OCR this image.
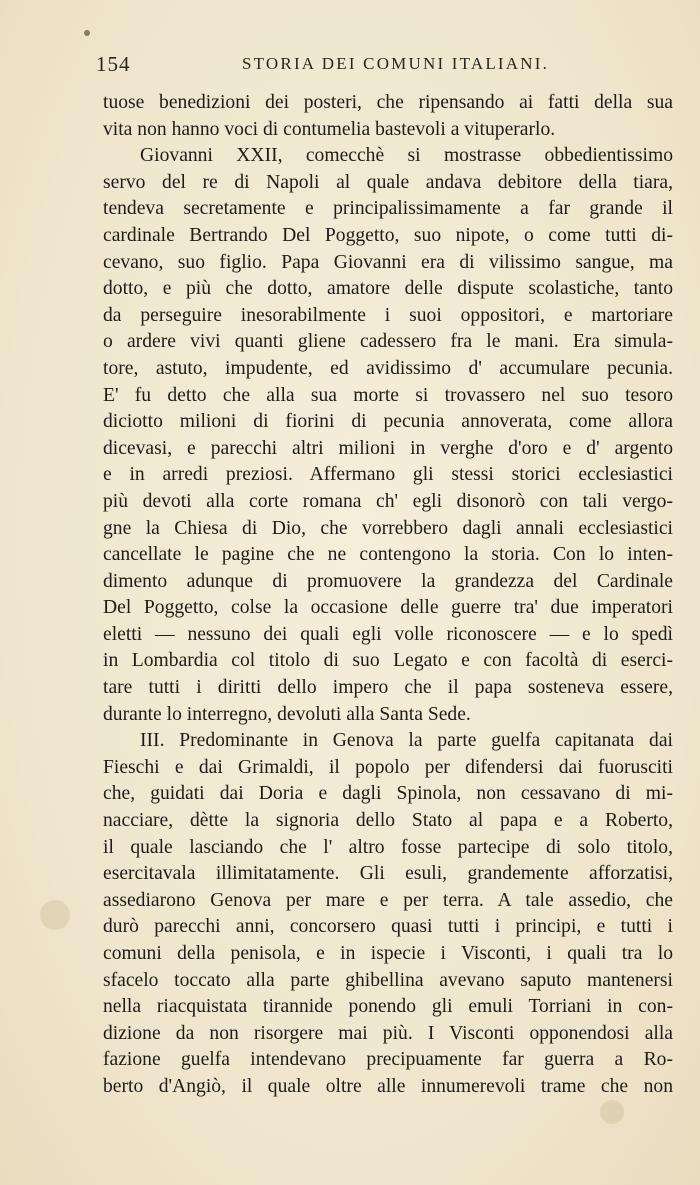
154	STORIA DEI COMUNI ITALIANI.
tuose benedizioni dei posteri, che ripensando ai fatti della sua
vita non hanno voci di contumelia bastevoli a vituperarlo.
Giovanni XXII, comecchè si mostrasse obbedientissimo
servo del re di Napoli al quale andava debitore della tiara,
tendeva secretamente e principalissimamente a far grande il
cardinale Bertrando Del Poggetto, suo nipote, o come tutti di-
cevano, suo figlio. Papa Giovanni era di vilissimo sangue, ma
dotto, e più che dotto, amatore delle dispute scolastiche, tanto
da perseguire inesorabilmente i suoi oppositori, e martoriare
o ardere vivi quanti gliene cadessero fra le mani. Era simula-
tore, astuto, impudente, ed avidissimo d' accumulare pecunia.
E' fu detto che alla sua morte si trovassero nel suo tesoro
diciotto milioni di fiorini di pecunia annoverata, come allora
dicevasi, e parecchi altri milioni in verghe d'oro e d' argento
e in arredi preziosi. Affermano gli stessi storici ecclesiastici
più devoti alla corte romana ch' egli disonorò con tali vergo-
gne la Chiesa di Dio, che vorrebbero dagli annali ecclesiastici
cancellate le pagine che ne contengono la storia. Con lo inten-
dimento adunque di promuovere la grandezza del Cardinale
Del Poggetto, colse la occasione delle guerre tra' due imperatori
eletti — nessuno dei quali egli volle riconoscere — e lo spedì
in Lombardia col titolo di suo Legato e con facoltà di eserci-
tare tutti i diritti dello impero che il papa sosteneva essere,
durante lo interregno, devoluti alla Santa Sede.
III. Predominante in Genova la parte guelfa capitanata dai
Fieschi e dai Grimaldi, il popolo per difendersi dai fuorusciti
che, guidati dai Doria e dagli Spinola, non cessavano di mi-
nacciare, dètte la signoria dello Stato al papa e a Roberto,
il quale lasciando che l' altro fosse partecipe di solo titolo,
esercitavala illimitatamente. Gli esuli, grandemente afforzatisi,
assediarono Genova per mare e per terra. A tale assedio, che
durò parecchi anni, concorsero quasi tutti i principi, e tutti i
comuni della penisola, e in ispecie i Visconti, i quali tra lo
sfacelo toccato alla parte ghibellina avevano saputo mantenersi
nella riacquistata tirannide ponendo gli emuli Torriani in con-
dizione da non risorgere mai più. I Visconti opponendosi alla
fazione guelfa intendevano precipuamente far guerra a Ro-
berto d'Angiò, il quale oltre alle innumerevoli trame che non
